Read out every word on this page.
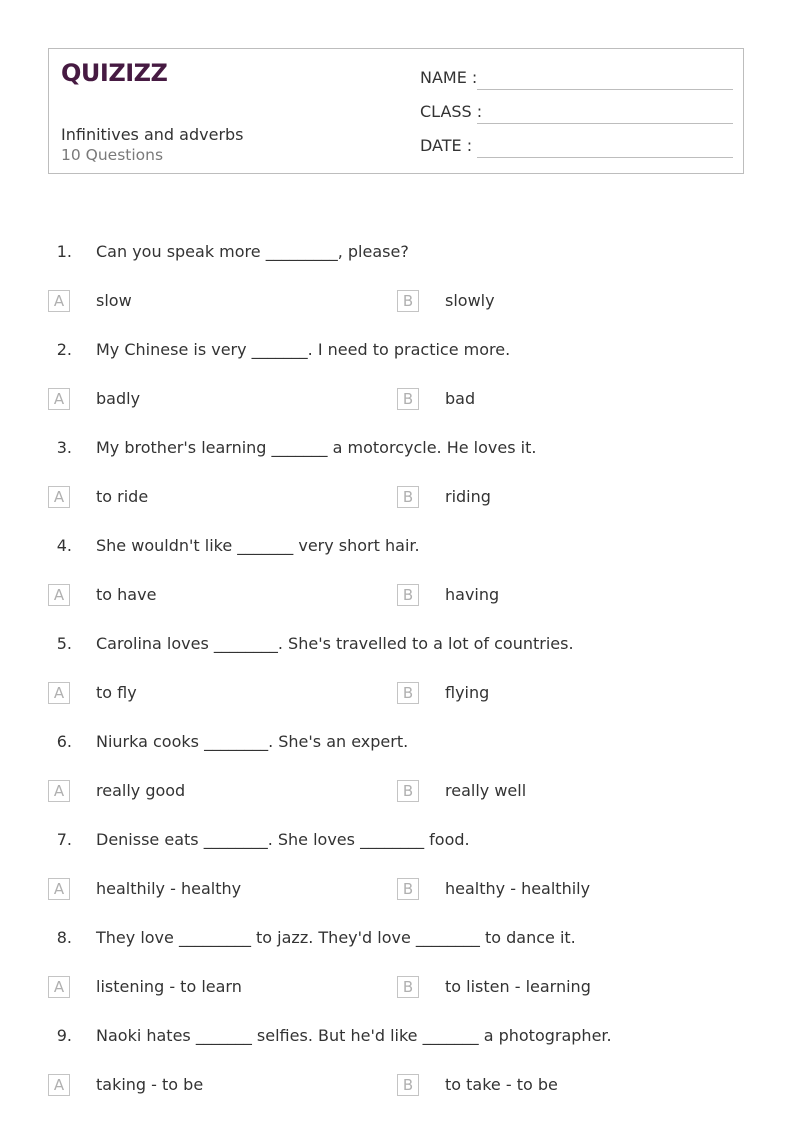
QUIZIZZ
Infinitives and adverbs
10 Questions
NAME :
CLASS :
DATE :
1. Can you speak more _________, please?
A	slow	B	slowly
2. My Chinese is very _______. I need to practice more.
A	badly	B	bad
3. My brother's learning _______ a motorcycle. He loves it.
A	to ride	B	riding
4. She wouldn't like _______ very short hair.
A	to have	B	having
5. Carolina loves ________. She's travelled to a lot of countries.
A	to fly	B	flying
6. Niurka cooks ________. She's an expert.
A	really good	B	really well
7. Denisse eats ________. She loves ________ food.
A	healthily - healthy	B	healthy - healthily
8. They love _________ to jazz. They'd love ________ to dance it.
A	listening - to learn	B	to listen - learning
9. Naoki hates _______ selfies. But he'd like _______ a photographer.
A	taking - to be	B	to take - to be
